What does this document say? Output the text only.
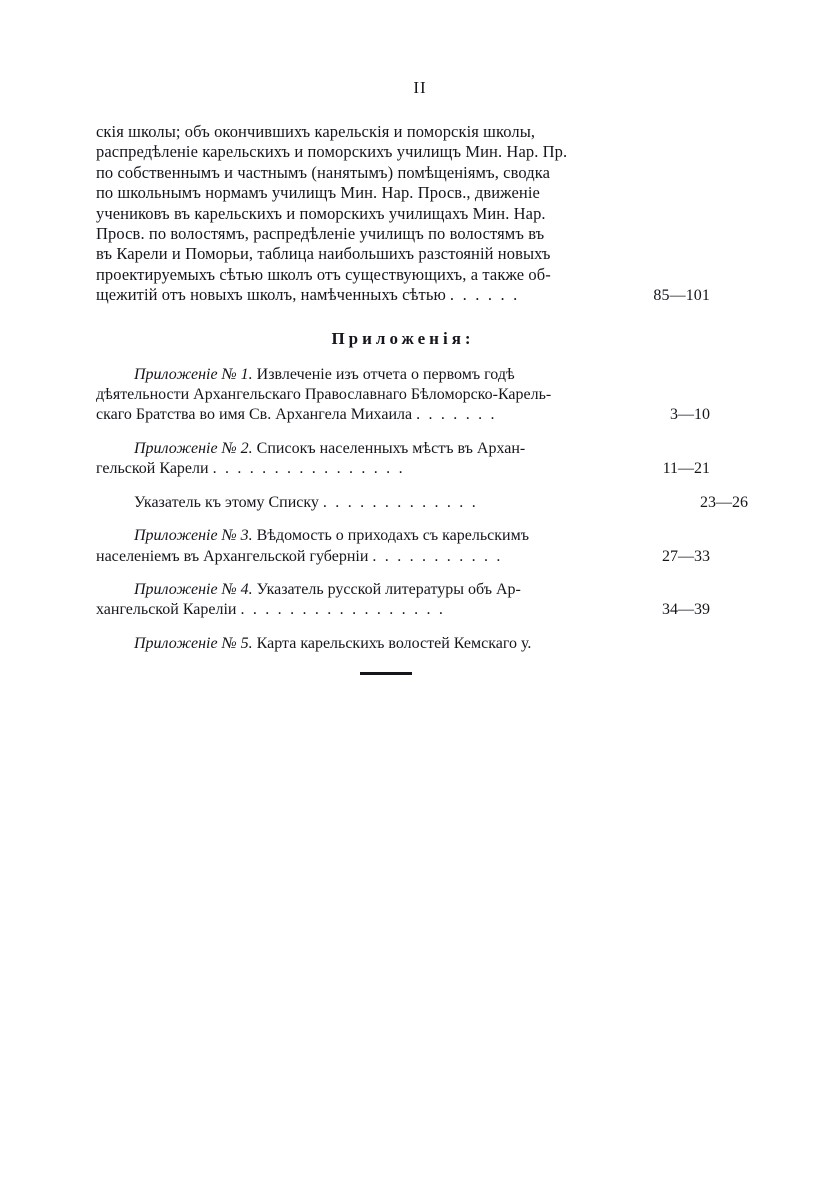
II
скія школы; объ окончившихъ карельскія и поморскія школы,
распредѣленіе карельскихъ и поморскихъ училищъ Мин. Нар. Пр.
по собственнымъ и частнымъ (нанятымъ) помѣщеніямъ, сводка
по школьнымъ нормамъ училищъ Мин. Нар. Просв., движеніе
учениковъ въ карельскихъ и поморскихъ училищахъ Мин. Нар.
Просв. по волостямъ, распредѣленіе училищъ по волостямъ въ
въ Карели и Поморьи, таблица наибольшихъ разстояній новыхъ
проектируемыхъ сѣтью школъ отъ существующихъ, а также об-
щежитій отъ новыхъ школъ, намѣченныхъ сѣтью . . . . . .	85—101
Приложенія:
Приложеніе № 1.
Извлеченіе изъ отчета о первомъ годѣ
дѣятельности Архангельскаго Православнаго Бѣломорско-Карель-
скаго Братства во имя Св. Архангела Михаила . . . . . . .	3—10
Приложеніе № 2.
Списокъ населенныхъ мѣстъ въ Архан-
гельской Карели . . . . . . . . . . . . . . . .	11—21
Указатель къ этому Списку . . . . . . . . . . . . .	23—26
Приложеніе № 3.
Вѣдомость о приходахъ съ карельскимъ
населеніемъ въ Архангельской губерніи . . . . . . . . . . .	27—33
Приложеніе № 4.
Указатель русской литературы объ Ар-
хангельской Кареліи . . . . . . . . . . . . . . . . .	34—39
Приложеніе № 5.
Карта карельскихъ волостей Кемскаго у.
